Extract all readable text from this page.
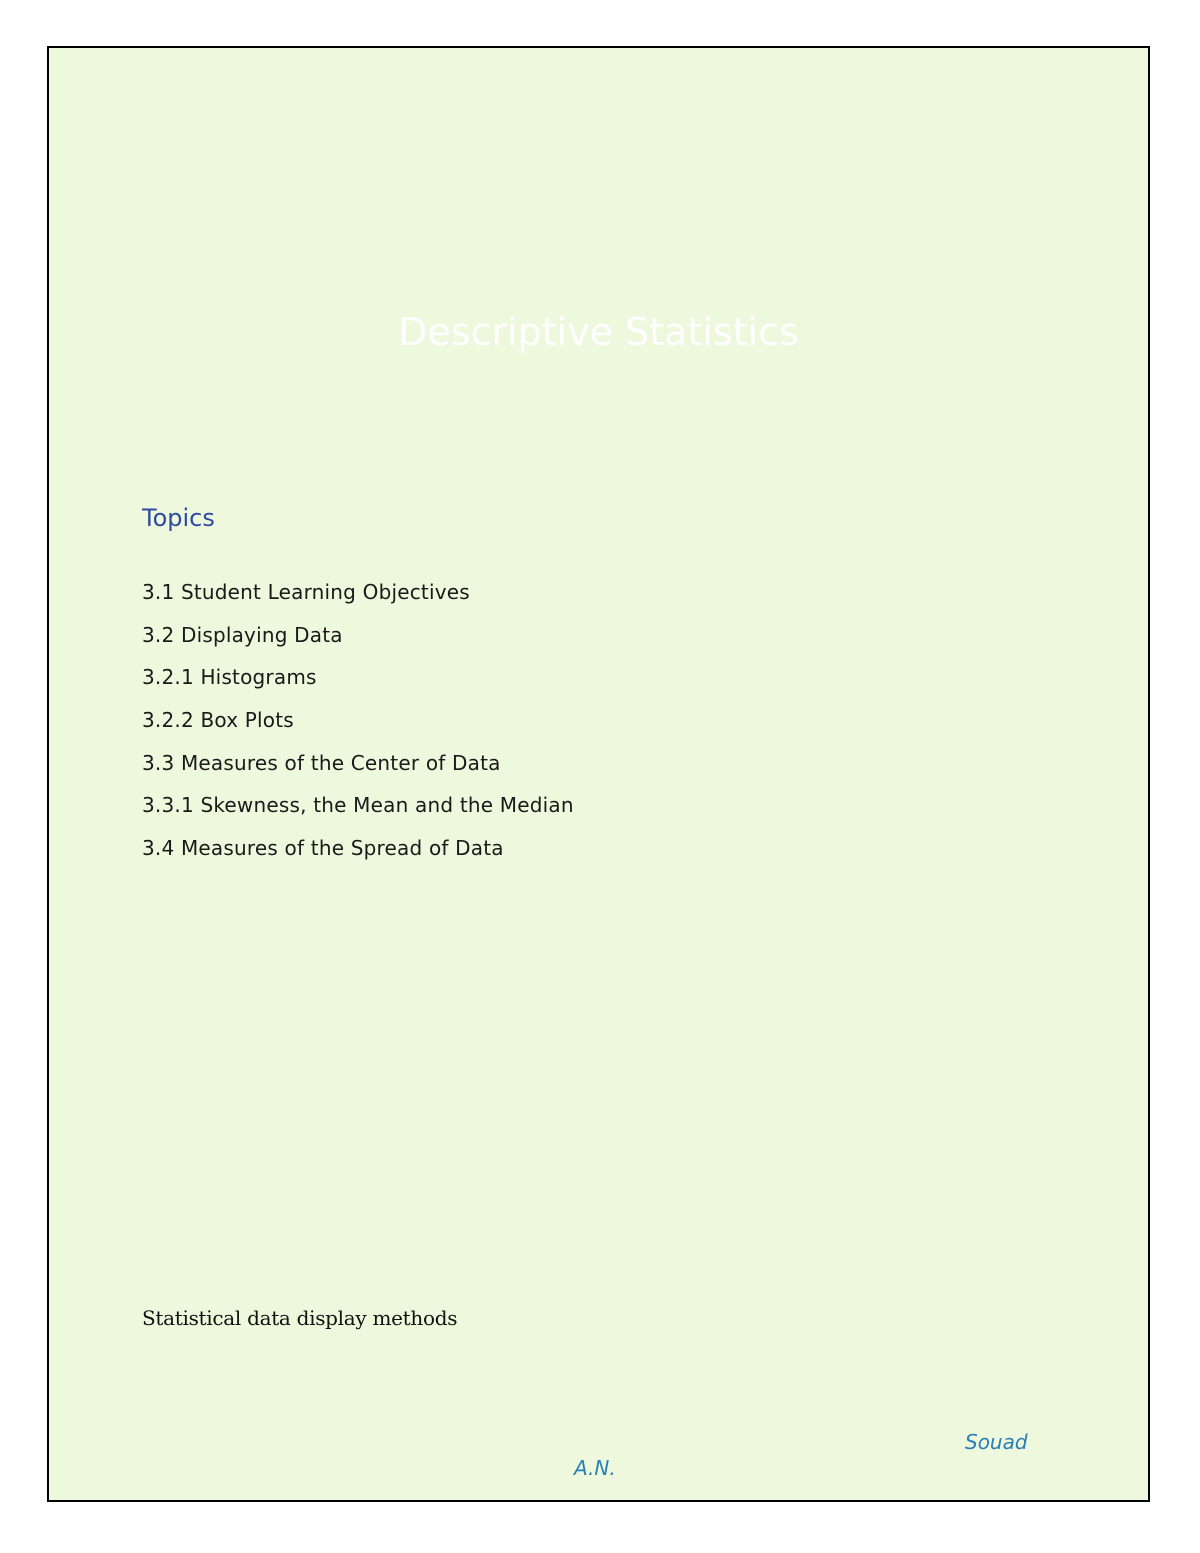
Descriptive Statistics
Topics
3.1 Student Learning Objectives
3.2 Displaying Data
3.2.1 Histograms
3.2.2 Box Plots
3.3 Measures of the Center of Data
3.3.1 Skewness, the Mean and the Median
3.4 Measures of the Spread of Data

Statistical data display methods

Souad

A.N.
